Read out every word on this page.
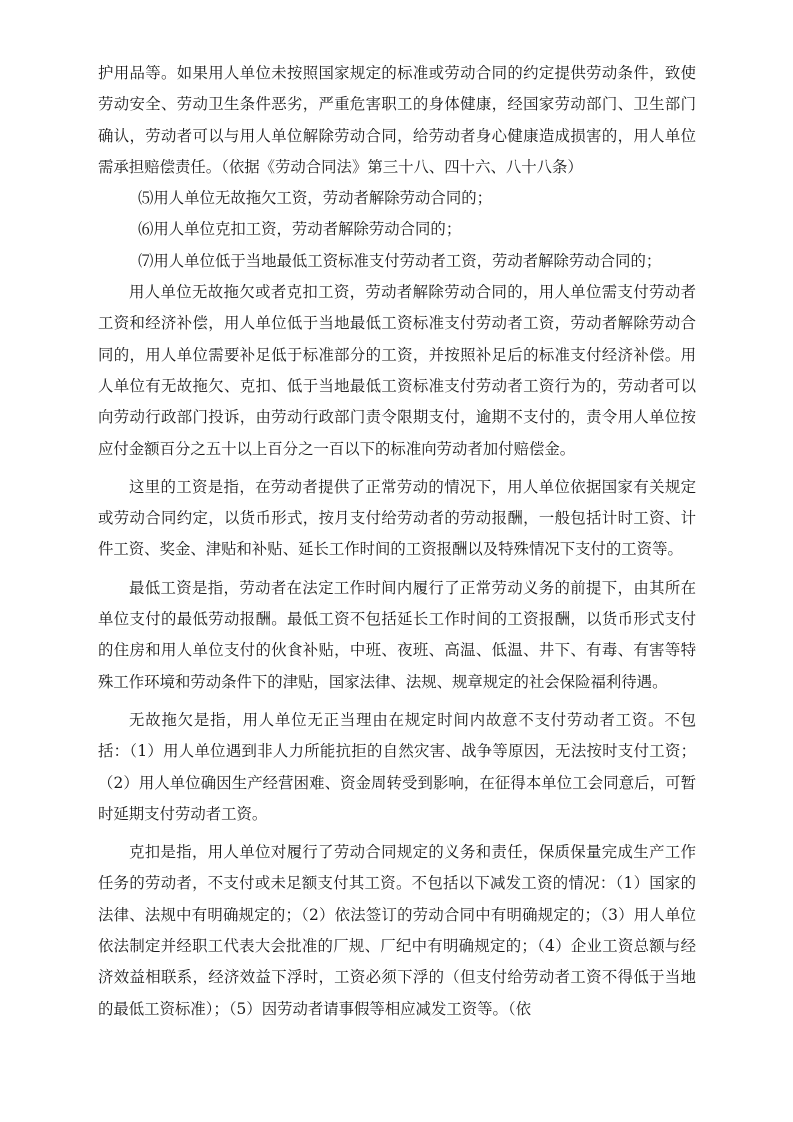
护用品等。如果用人单位未按照国家规定的标准或劳动合同的约定提供劳动条件，致使劳动安全、劳动卫生条件恶劣，严重危害职工的身体健康，经国家劳动部门、卫生部门确认，劳动者可以与用人单位解除劳动合同，给劳动者身心健康造成损害的，用人单位需承担赔偿责任。（依据《劳动合同法》第三十八、四十六、八十八条）

⑸用人单位无故拖欠工资，劳动者解除劳动合同的；

⑹用人单位克扣工资，劳动者解除劳动合同的；

⑺用人单位低于当地最低工资标准支付劳动者工资，劳动者解除劳动合同的；

用人单位无故拖欠或者克扣工资，劳动者解除劳动合同的，用人单位需支付劳动者工资和经济补偿，用人单位低于当地最低工资标准支付劳动者工资，劳动者解除劳动合同的，用人单位需要补足低于标准部分的工资，并按照补足后的标准支付经济补偿。用人单位有无故拖欠、克扣、低于当地最低工资标准支付劳动者工资行为的，劳动者可以向劳动行政部门投诉，由劳动行政部门责令限期支付，逾期不支付的，责令用人单位按应付金额百分之五十以上百分之一百以下的标准向劳动者加付赔偿金。

这里的工资是指，在劳动者提供了正常劳动的情况下，用人单位依据国家有关规定或劳动合同约定，以货币形式，按月支付给劳动者的劳动报酬，一般包括计时工资、计件工资、奖金、津贴和补贴、延长工作时间的工资报酬以及特殊情况下支付的工资等。

最低工资是指，劳动者在法定工作时间内履行了正常劳动义务的前提下，由其所在单位支付的最低劳动报酬。最低工资不包括延长工作时间的工资报酬，以货币形式支付的住房和用人单位支付的伙食补贴，中班、夜班、高温、低温、井下、有毒、有害等特殊工作环境和劳动条件下的津贴，国家法律、法规、规章规定的社会保险福利待遇。

无故拖欠是指，用人单位无正当理由在规定时间内故意不支付劳动者工资。不包括：（1）用人单位遇到非人力所能抗拒的自然灾害、战争等原因，无法按时支付工资；（2）用人单位确因生产经营困难、资金周转受到影响，在征得本单位工会同意后，可暂时延期支付劳动者工资。

克扣是指，用人单位对履行了劳动合同规定的义务和责任，保质保量完成生产工作任务的劳动者，不支付或未足额支付其工资。不包括以下减发工资的情况：（1）国家的法律、法规中有明确规定的；（2）依法签订的劳动合同中有明确规定的；（3）用人单位依法制定并经职工代表大会批准的厂规、厂纪中有明确规定的；（4）企业工资总额与经济效益相联系，经济效益下浮时，工资必须下浮的（但支付给劳动者工资不得低于当地的最低工资标准）；（5）因劳动者请事假等相应减发工资等。（依
